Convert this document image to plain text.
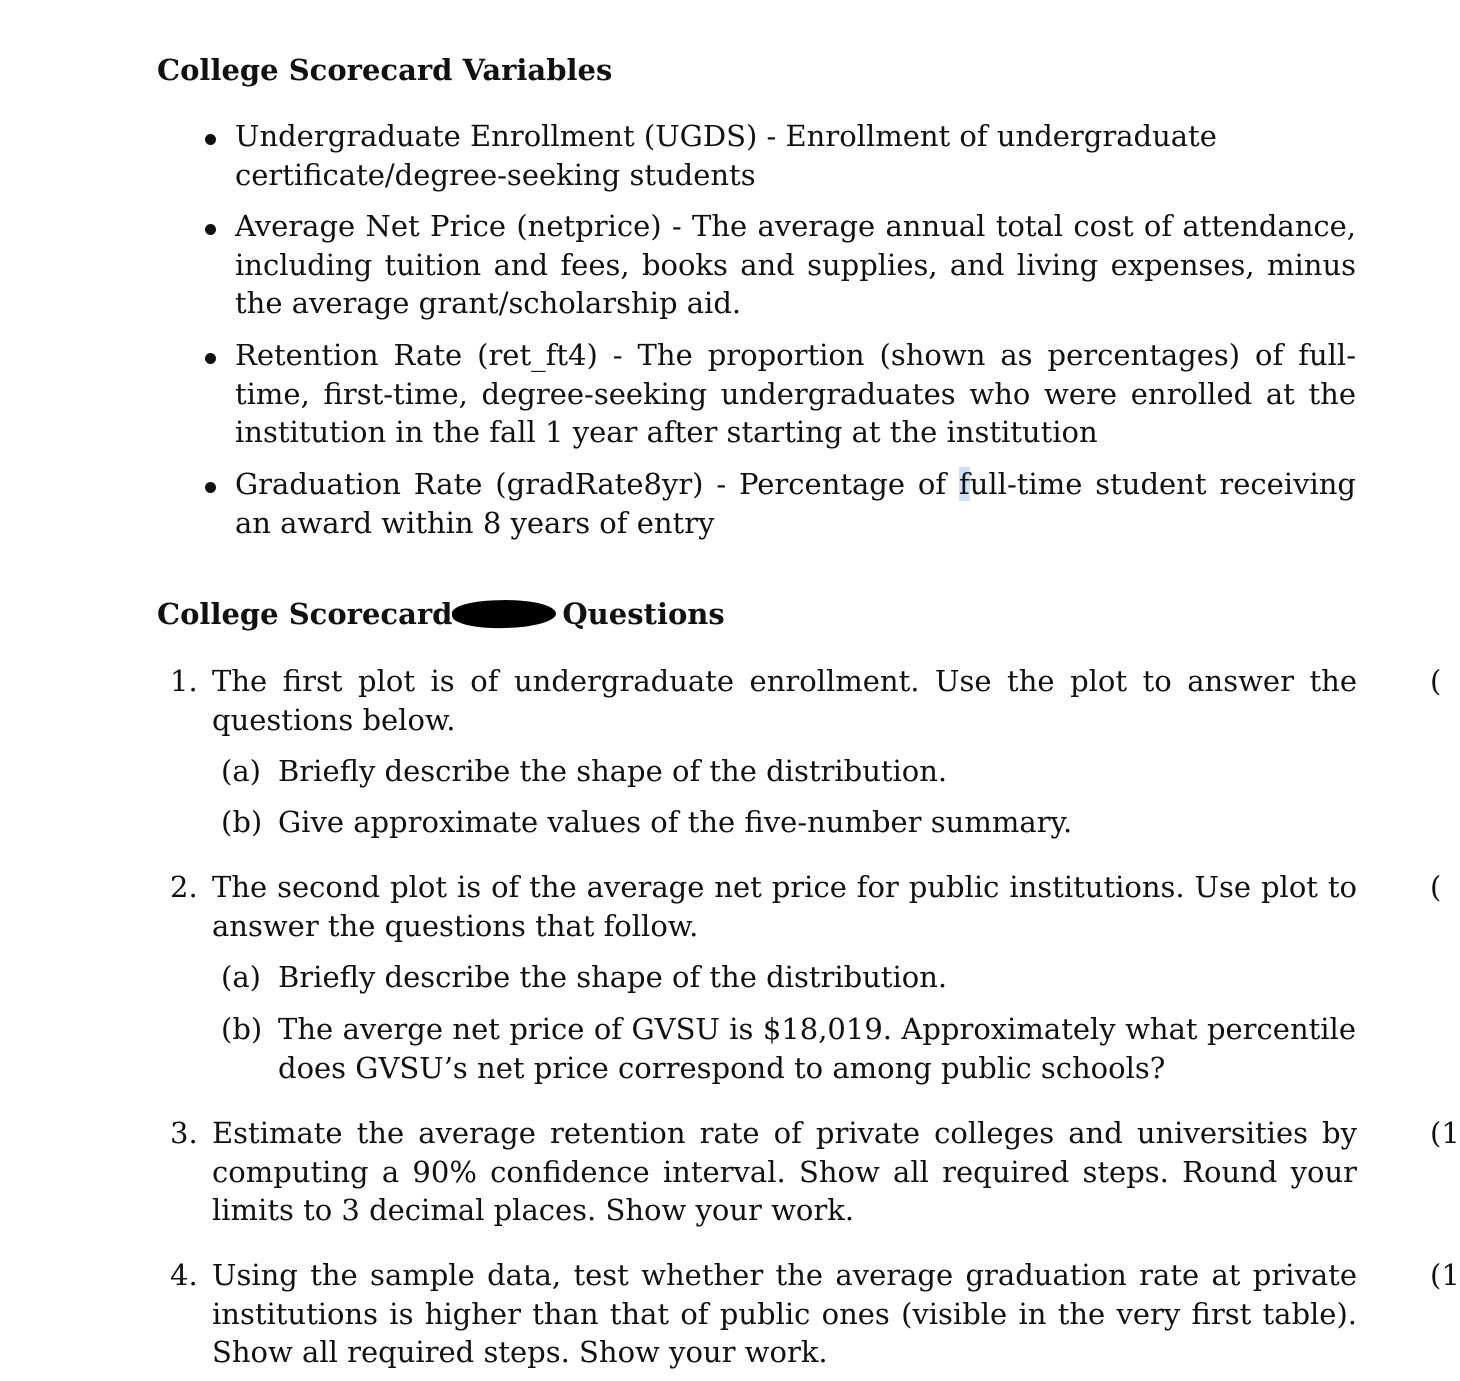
College Scorecard Variables
Undergraduate Enrollment (UGDS) - Enrollment of undergraduate certificate/degree-seeking students
Average Net Price (netprice) - The average annual total cost of attendance, including tuition and fees, books and supplies, and living expenses, minus the average grant/scholarship aid.
Retention Rate (ret_ft4) - The proportion (shown as percentages) of full-time, first-time, degree-seeking undergraduates who were enrolled at the institution in the fall 1 year after starting at the institution
Graduation Rate (gradRate8yr) - Percentage of full-time student receiving an award within 8 years of entry
College Scorecard	Questions
1. The first plot is of undergraduate enrollment. Use the plot to answer the questions below.
(
(a) Briefly describe the shape of the distribution.
(b) Give approximate values of the five-number summary.
2. The second plot is of the average net price for public institutions. Use plot to answer the questions that follow.
(
(a) Briefly describe the shape of the distribution.
(b) The averge net price of GVSU is $18,019. Approximately what percentile does GVSU’s net price correspond to among public schools?
3. Estimate the average retention rate of private colleges and universities by computing a 90% confidence interval. Show all required steps. Round your limits to 3 decimal places. Show your work.
(1
4. Using the sample data, test whether the average graduation rate at private institutions is higher than that of public ones (visible in the very first table). Show all required steps. Show your work.
(1
